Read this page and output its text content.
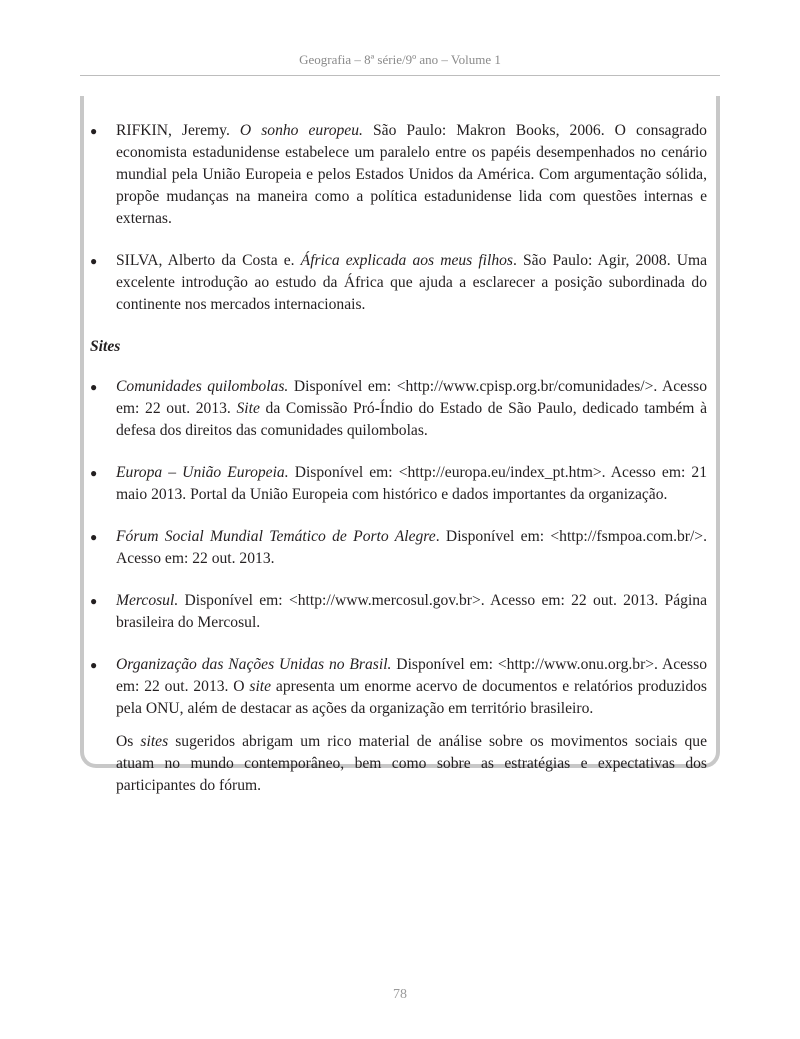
Geografia – 8ª série/9º ano – Volume 1
● RIFKIN, Jeremy. O sonho europeu. São Paulo: Makron Books, 2006. O consagrado economista estadunidense estabelece um paralelo entre os papéis desempenhados no cenário mundial pela União Europeia e pelos Estados Unidos da América. Com argumentação sólida, propõe mudanças na maneira como a política estadunidense lida com questões internas e externas.
● SILVA, Alberto da Costa e. África explicada aos meus filhos. São Paulo: Agir, 2008. Uma excelente introdução ao estudo da África que ajuda a esclarecer a posição subordinada do continente nos mercados internacionais.
Sites
● Comunidades quilombolas. Disponível em: <http://www.cpisp.org.br/comunidades/>. Acesso em: 22 out. 2013. Site da Comissão Pró-Índio do Estado de São Paulo, dedicado também à defesa dos direitos das comunidades quilombolas.
● Europa – União Europeia. Disponível em: <http://europa.eu/index_pt.htm>. Acesso em: 21 maio 2013. Portal da União Europeia com histórico e dados importantes da organização.
● Fórum Social Mundial Temático de Porto Alegre. Disponível em: <http://fsmpoa.com.br/>. Acesso em: 22 out. 2013.
● Mercosul. Disponível em: <http://www.mercosul.gov.br>. Acesso em: 22 out. 2013. Página brasileira do Mercosul.
● Organização das Nações Unidas no Brasil. Disponível em: <http://www.onu.org.br>. Acesso em: 22 out. 2013. O site apresenta um enorme acervo de documentos e relatórios produzidos pela ONU, além de destacar as ações da organização em território brasileiro.

Os sites sugeridos abrigam um rico material de análise sobre os movimentos sociais que atuam no mundo contemporâneo, bem como sobre as estratégias e expectativas dos participantes do fórum.

78
